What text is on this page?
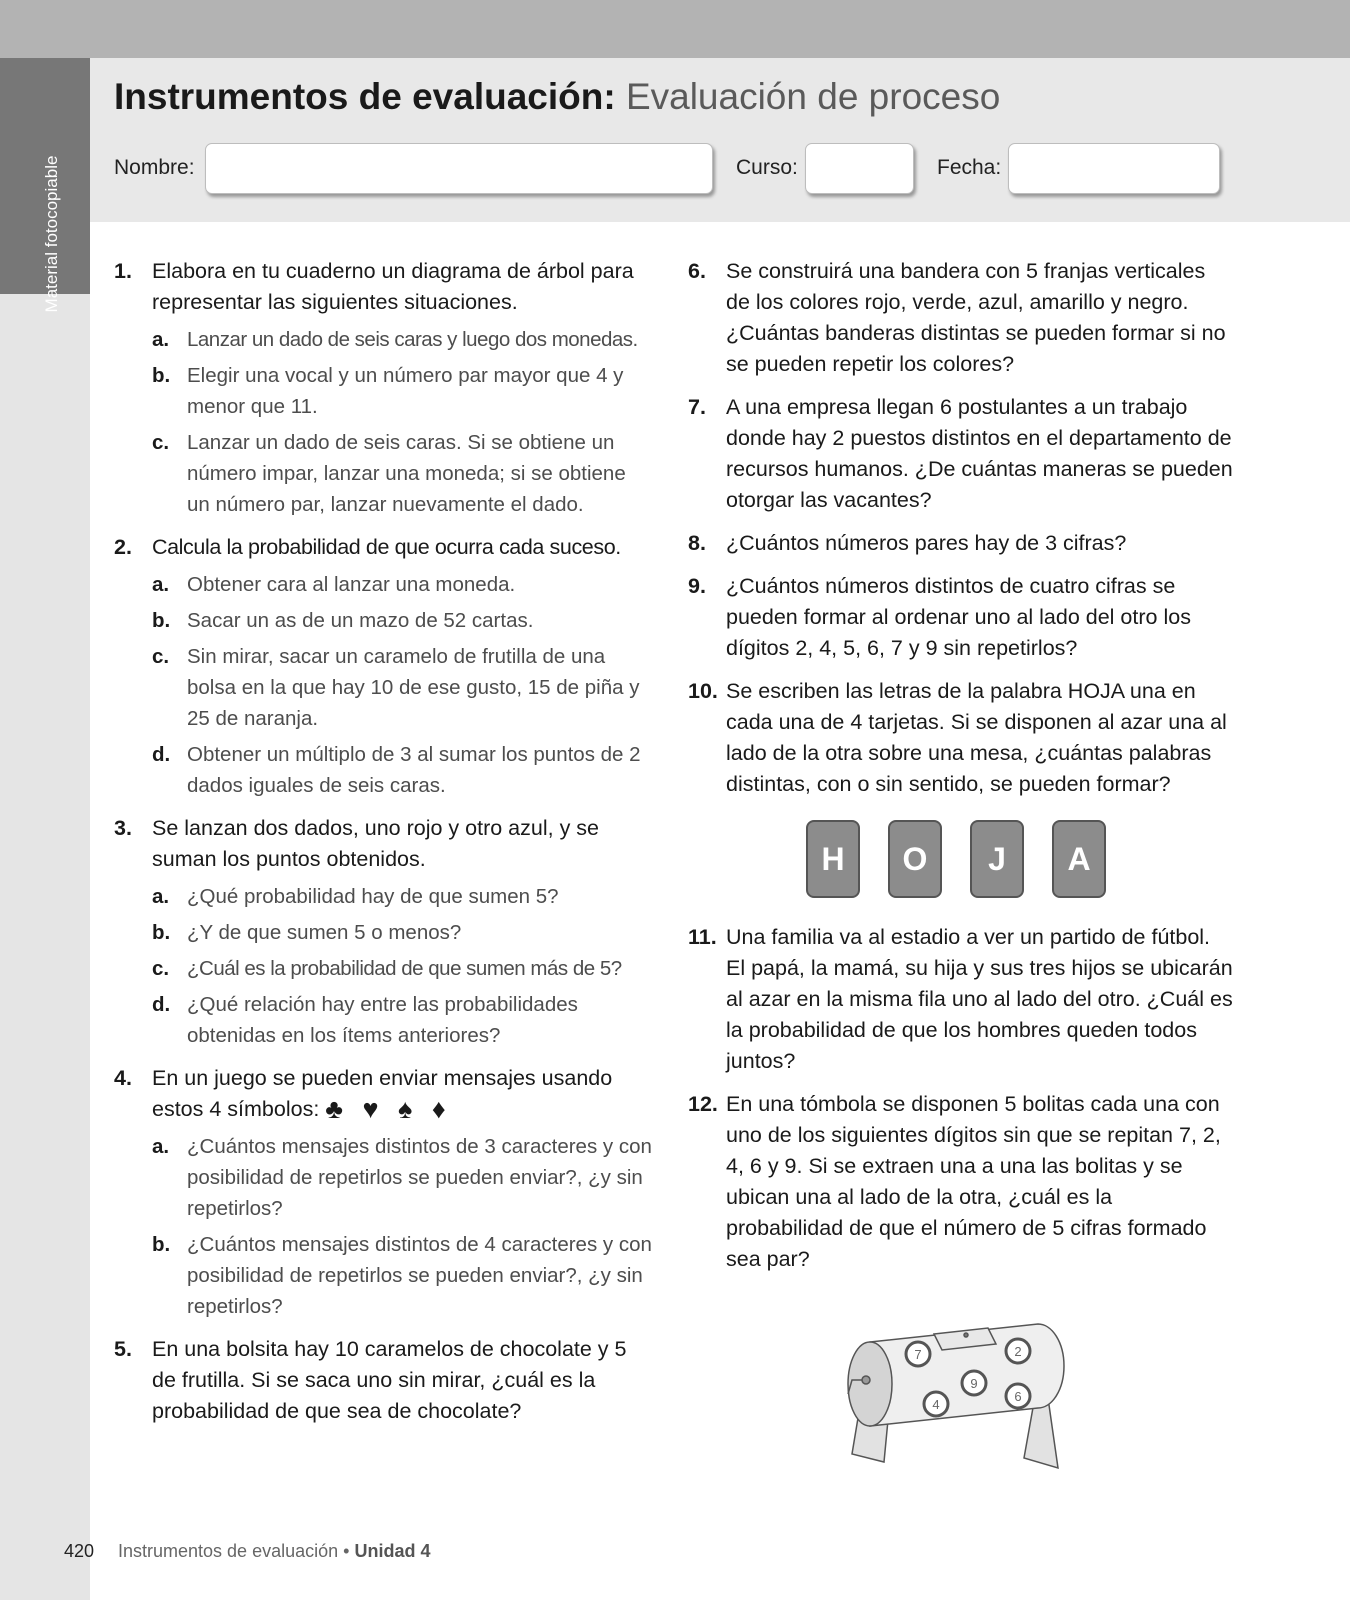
Material fotocopiable
Instrumentos de evaluación: Evaluación de proceso
Nombre:	Curso:	Fecha:
1. Elabora en tu cuaderno un diagrama de árbol para representar las siguientes situaciones.
a. Lanzar un dado de seis caras y luego dos monedas.
b. Elegir una vocal y un número par mayor que 4 y menor que 11.
c. Lanzar un dado de seis caras. Si se obtiene un número impar, lanzar una moneda; si se obtiene un número par, lanzar nuevamente el dado.
2. Calcula la probabilidad de que ocurra cada suceso.
a. Obtener cara al lanzar una moneda.
b. Sacar un as de un mazo de 52 cartas.
c. Sin mirar, sacar un caramelo de frutilla de una bolsa en la que hay 10 de ese gusto, 15 de piña y 25 de naranja.
d. Obtener un múltiplo de 3 al sumar los puntos de 2 dados iguales de seis caras.
3. Se lanzan dos dados, uno rojo y otro azul, y se suman los puntos obtenidos.
a. ¿Qué probabilidad hay de que sumen 5?
b. ¿Y de que sumen 5 o menos?
c. ¿Cuál es la probabilidad de que sumen más de 5?
d. ¿Qué relación hay entre las probabilidades obtenidas en los ítems anteriores?
4. En un juego se pueden enviar mensajes usando estos 4 símbolos: ♣ ♥ ♠ ♦
a. ¿Cuántos mensajes distintos de 3 caracteres y con posibilidad de repetirlos se pueden enviar?, ¿y sin repetirlos?
b. ¿Cuántos mensajes distintos de 4 caracteres y con posibilidad de repetirlos se pueden enviar?, ¿y sin repetirlos?
5. En una bolsita hay 10 caramelos de chocolate y 5 de frutilla. Si se saca uno sin mirar, ¿cuál es la probabilidad de que sea de chocolate?
6. Se construirá una bandera con 5 franjas verticales de los colores rojo, verde, azul, amarillo y negro. ¿Cuántas banderas distintas se pueden formar si no se pueden repetir los colores?
7. A una empresa llegan 6 postulantes a un trabajo donde hay 2 puestos distintos en el departamento de recursos humanos. ¿De cuántas maneras se pueden otorgar las vacantes?
8. ¿Cuántos números pares hay de 3 cifras?
9. ¿Cuántos números distintos de cuatro cifras se pueden formar al ordenar uno al lado del otro los dígitos 2, 4, 5, 6, 7 y 9 sin repetirlos?
10. Se escriben las letras de la palabra HOJA una en cada una de 4 tarjetas. Si se disponen al azar una al lado de la otra sobre una mesa, ¿cuántas palabras distintas, con o sin sentido, se pueden formar?
H	O	J	A
11. Una familia va al estadio a ver un partido de fútbol. El papá, la mamá, su hija y sus tres hijos se ubicarán al azar en la misma fila uno al lado del otro. ¿Cuál es la probabilidad de que los hombres queden todos juntos?
12. En una tómbola se disponen 5 bolitas cada una con uno de los siguientes dígitos sin que se repitan 7, 2, 4, 6 y 9. Si se extraen una a una las bolitas y se ubican una al lado de la otra, ¿cuál es la probabilidad de que el número de 5 cifras formado sea par?
7	2
9
4
6
420 Instrumentos de evaluación • Unidad 4
